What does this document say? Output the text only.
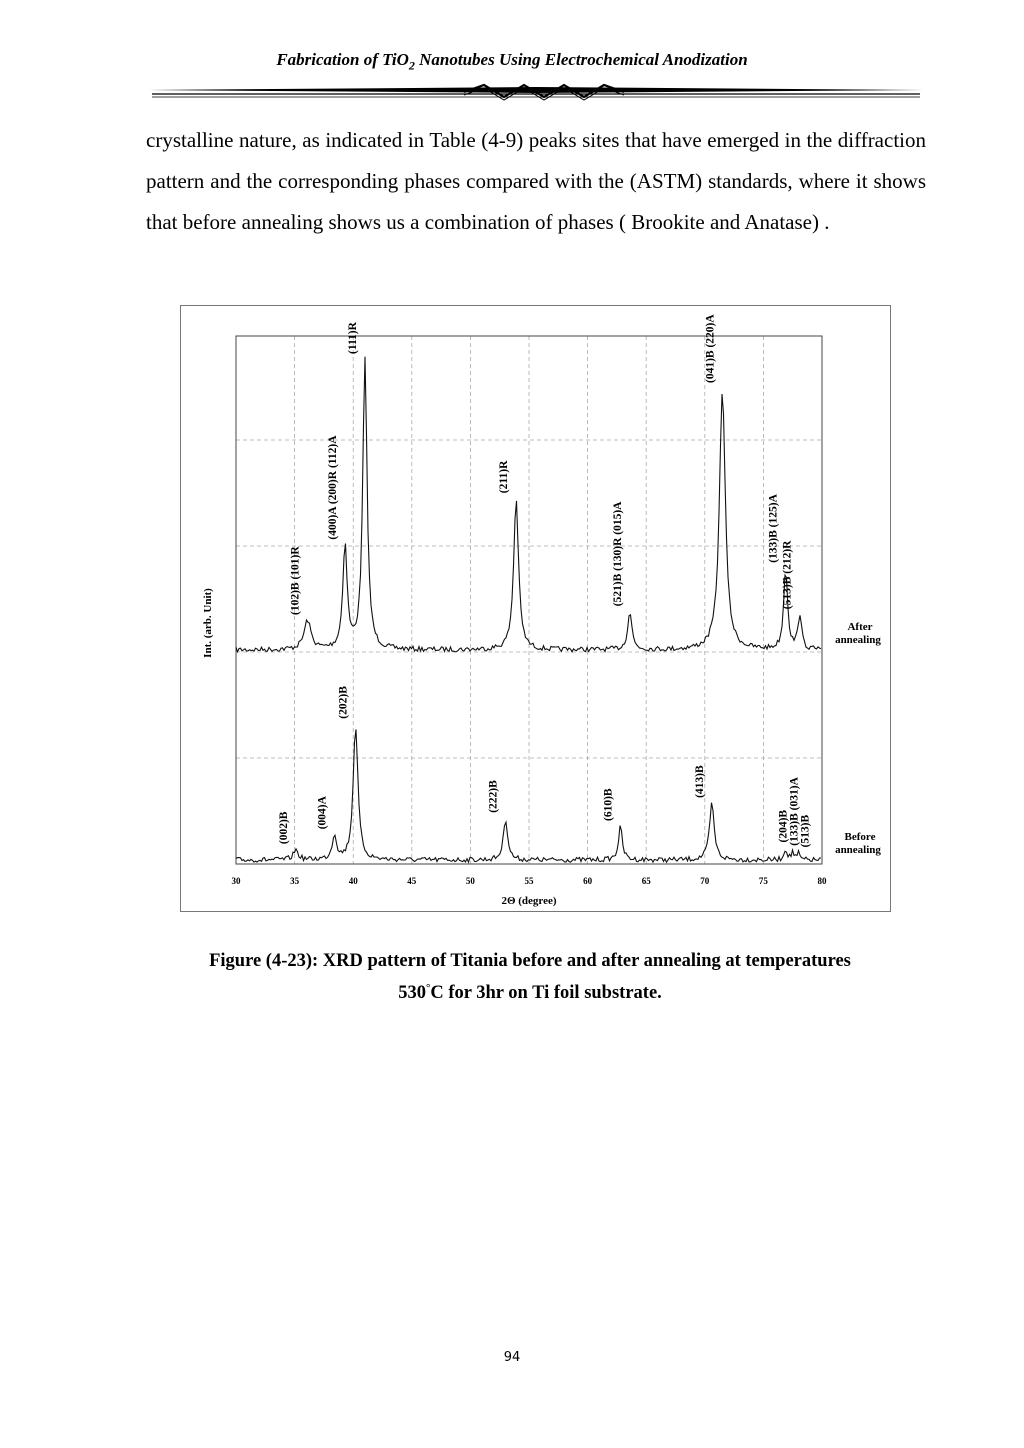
Fabrication of TiO$_2$ Nanotubes Using Electrochemical Anodization

crystalline nature, as indicated in Table (4-9) peaks sites that have emerged in the diffraction pattern and the corresponding phases compared with the (ASTM) standards, where it shows that before annealing shows us a combination of phases ( Brookite and Anatase) .

(102)B (101)R
(400)A (200)R (112)A
(111)R
(211)R
(521)B (130)R (015)A
(041)B (220)A
(133)B (125)A
(513)B (212)R
(002)B (004)A
(202)B
(222)B	(610)B
(413)B
(204)B (133)B (031)A (513)B
30	35	40	45	50	55	60	65	70	75	80
After
annealing
Before
annealing
2Θ (degree)
Int. (arb. Unit)
Figure (4-23): XRD pattern of Titania before and after annealing at temperatures
530°C for 3hr on Ti foil substrate.
94
